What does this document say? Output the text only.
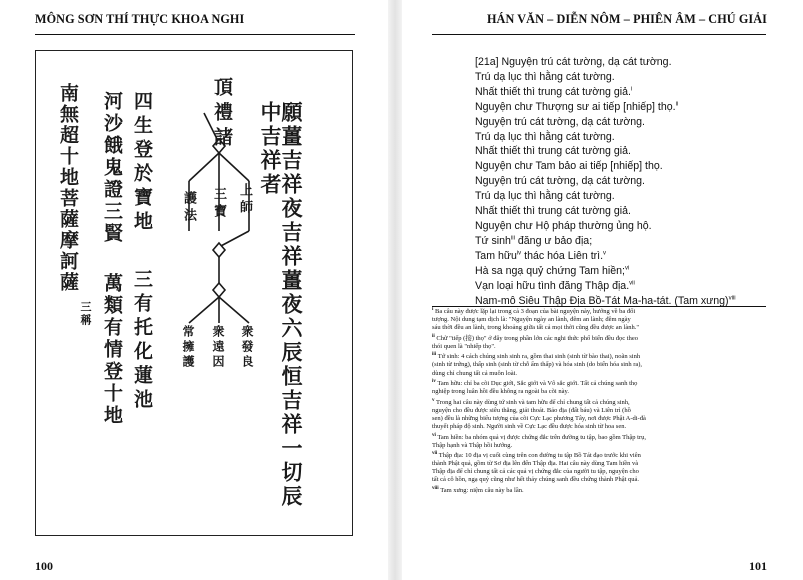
MÔNG SƠN THÍ THỰC KHOA NGHI
願薑吉祥夜吉祥薑夜六辰恒吉祥一切辰中吉祥者
頂禮諸
上師
三寶
護法
衆發良
衆遠因
常擁護
四生登於寶地
三有托化蓮池
河沙餓鬼證三賢
萬類有情登十地
南無超十地菩薩摩訶薩
三稱
100
HÁN VĂN – DIỄN NÔM – PHIÊN ÂM – CHÚ GIẢI
[21a] Nguyện trú cát tường, dạ cát tường.
Trú dạ lục thì hằng cát tường.
Nhất thiết thì trung cát tường giả.$^i$
Nguyện chư Thượng sư ai tiếp [nhiếp] thọ.$^{ii}$
Nguyện trú cát tường, dạ cát tường.
Trú dạ lục thì hằng cát tường.
Nhất thiết thì trung cát tường giả.
Nguyện chư Tam bảo ai tiếp [nhiếp] thọ.
Nguyện trú cát tường, dạ cát tường.
Trú dạ lục thì hằng cát tường.
Nhất thiết thì trung cát tường giả.
Nguyện chư Hộ pháp thường ủng hộ.
Tứ $\sinh^{iii}$ đăng ư bảo địa;
Tam hữu$^{iv}$ thác hóa Liên trì.$^v$
Hà sa ngạ quỷ chứng Tam hiền;$^{vi}$
Vạn loại hữu tình đăng Thập địa.$^{vii}$
Nam-mô Siêu Thập Địa Bồ-Tát Ma-ha-tát. (Tam xưng)$^{viii}$
$^i$ Ba câu này được lặp lại trong cả 3 đoạn của bài nguyện này, hướng về ba đối
tượng. Nội dung tạm dịch là: "Nguyện ngày an lành, đêm an lành; đêm ngày
sáu thời đều an lành, trong khoảng giữa tất cả mọi thời cũng đều được an lành."
$^{ii}$ Chữ "tiếp (接) thọ" ở đây trong phần lớn các nghi thức phổ biến đều đọc theo
thói quen là "nhiếp thọ".
$^{iii}$ Tứ sinh: 4 cách chúng sinh sinh ra, gồm thai sinh (sinh từ bào thai), noãn sinh
(sinh từ trứng), thấp sinh (sinh từ chỗ ẩm thấp) và hóa sinh (do biến hóa sinh ra),
dùng chỉ chung tất cả muôn loài.
$^{iv}$ Tam hữu: chỉ ba cõi Dục giới, Sắc giới và Vô sắc giới. Tất cả chúng sanh thọ
nghiệp trong luân hồi đều không ra ngoài ba cõi này.
$^v$ Trong hai câu này dùng tứ sinh và tam hữu để chỉ chung tất cả chúng sinh,
nguyện cho đều được siêu thăng, giải thoát. Bảo địa (đất báu) và Liên trì (hồ
sen) đều là những biểu tượng của cõi Cực Lạc phương Tây, nơi được Phật A-di-đà
thuyết pháp độ sinh. Người sinh về Cực Lạc đều được hóa sinh từ hoa sen.
$^{vi}$ Tam hiền: ba nhóm quả vị được chứng đắc trên đường tu tập, bao gồm Thập trụ,
Thập hạnh và Thập hồi hướng.
$^{vii}$ Thập địa: 10 địa vị cuối cùng trên con đường tu tập Bồ Tát đạo trước khi viên
thành Phật quả, gồm từ Sơ địa lên đến Thập địa. Hai câu này dùng Tam hiền và
Thập địa để chỉ chung tất cả các quả vị chứng đắc của người tu tập, nguyện cho
tất cả cô hồn, ngạ quỷ cũng như hết thảy chúng sanh đều chứng thành Phật quả.
$^{viii}$ Tam xưng: niệm câu này ba lần.
101
